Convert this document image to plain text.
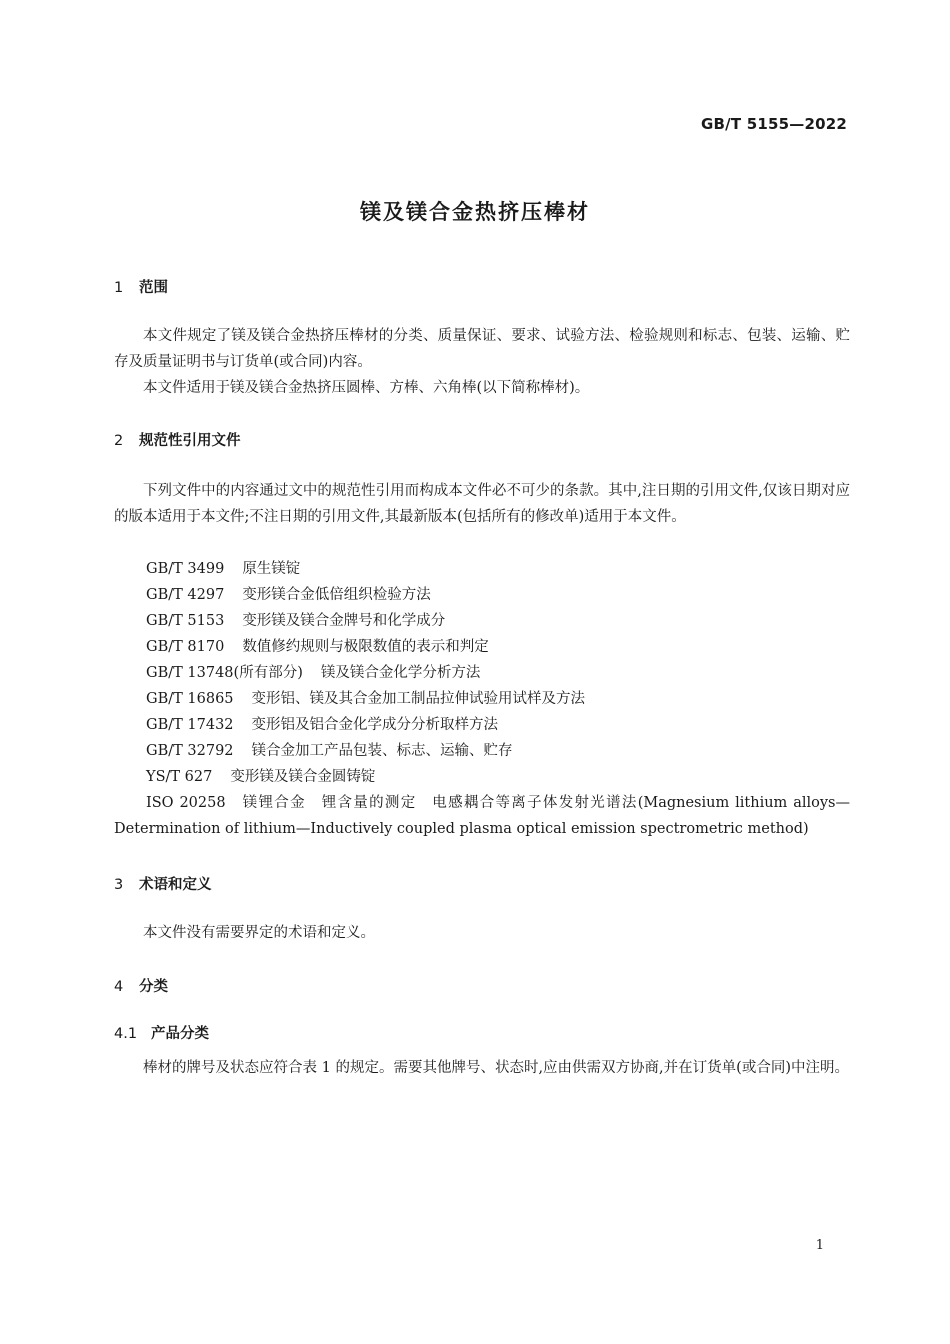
GB/T 5155—2022
镁及镁合金热挤压棒材
1 范围

本文件规定了镁及镁合金热挤压棒材的分类、质量保证、要求、试验方法、检验规则和标志、包装、运输、贮存及质量证明书与订货单(或合同)内容。

本文件适用于镁及镁合金热挤压圆棒、方棒、六角棒(以下简称棒材)。

2 规范性引用文件

下列文件中的内容通过文中的规范性引用而构成本文件必不可少的条款。其中,注日期的引用文件,仅该日期对应的版本适用于本文件;不注日期的引用文件,其最新版本(包括所有的修改单)适用于本文件。

GB/T 3499 原生镁锭
GB/T 4297 变形镁合金低倍组织检验方法
GB/T 5153 变形镁及镁合金牌号和化学成分
GB/T 8170 数值修约规则与极限数值的表示和判定
GB/T 13748(所有部分) 镁及镁合金化学分析方法
GB/T 16865 变形铝、镁及其合金加工制品拉伸试验用试样及方法
GB/T 17432 变形铝及铝合金化学成分分析取样方法
GB/T 32792 镁合金加工产品包装、标志、运输、贮存
YS/T 627 变形镁及镁合金圆铸锭

ISO 20258　镁锂合金　锂含量的测定　电感耦合等离子体发射光谱法(Magnesium lithium alloys—Determination of lithium—Inductively coupled plasma optical emission spectrometric method)

3 术语和定义

本文件没有需要界定的术语和定义。

4 分类
4.1 产品分类

棒材的牌号及状态应符合表 1 的规定。需要其他牌号、状态时,应由供需双方协商,并在订货单(或合同)中注明。

1
